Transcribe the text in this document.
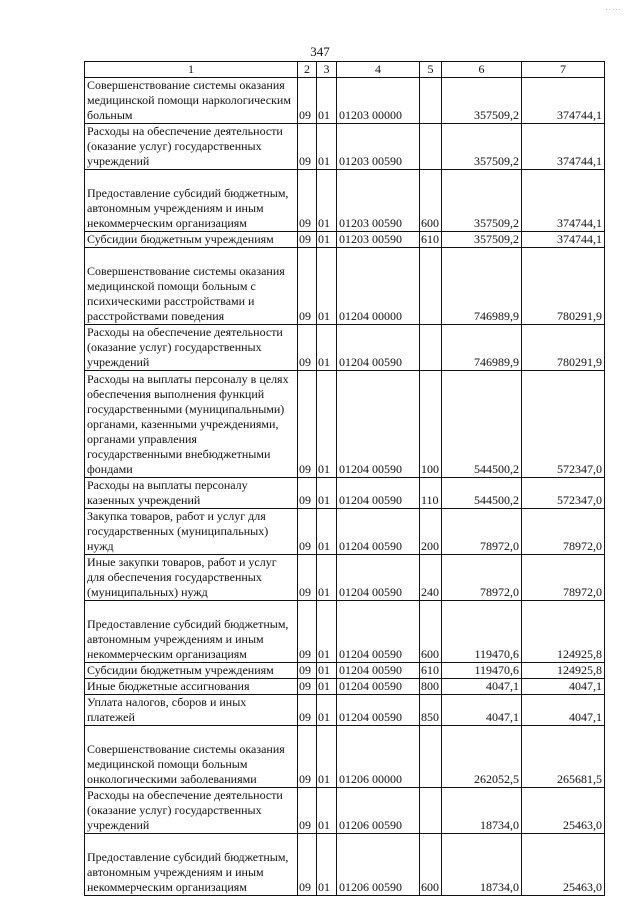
·····
347
1	2	3	4	5	6	7
Совершенствование системы оказания медицинской помощи наркологическим больным	09	01	01203 00000		357509,2	374744,1
Расходы на обеспечение деятельности (оказание услуг) государственных учреждений	09	01	01203 00590		357509,2	374744,1
Предоставление субсидий бюджетным, автономным учреждениям и иным некоммерческим организациям	09	01	01203 00590	600	357509,2	374744,1
Субсидии бюджетным учреждениям	09	01	01203 00590	610	357509,2	374744,1
Совершенствование системы оказания медицинской помощи больным с психическими расстройствами и расстройствами поведения	09	01	01204 00000		746989,9	780291,9
Расходы на обеспечение деятельности (оказание услуг) государственных учреждений	09	01	01204 00590		746989,9	780291,9
Расходы на выплаты персоналу в целях обеспечения выполнения функций государственными (муниципальными) органами, казенными учреждениями, органами управления государственными внебюджетными фондами	09	01	01204 00590	100	544500,2	572347,0
Расходы на выплаты персоналу казенных учреждений	09	01	01204 00590	110	544500,2	572347,0
Закупка товаров, работ и услуг для государственных (муниципальных) нужд	09	01	01204 00590	200	78972,0	78972,0
Иные закупки товаров, работ и услуг для обеспечения государственных (муниципальных) нужд	09	01	01204 00590	240	78972,0	78972,0
Предоставление субсидий бюджетным, автономным учреждениям и иным некоммерческим организациям	09	01	01204 00590	600	119470,6	124925,8
Субсидии бюджетным учреждениям	09	01	01204 00590	610	119470,6	124925,8
Иные бюджетные ассигнования	09	01	01204 00590	800	4047,1	4047,1
Уплата налогов, сборов и иных платежей	09	01	01204 00590	850	4047,1	4047,1
Совершенствование системы оказания медицинской помощи больным онкологическими заболеваниями	09	01	01206 00000		262052,5	265681,5
Расходы на обеспечение деятельности (оказание услуг) государственных учреждений	09	01	01206 00590		18734,0	25463,0
Предоставление субсидий бюджетным, автономным учреждениям и иным некоммерческим организациям	09	01	01206 00590	600	18734,0	25463,0
